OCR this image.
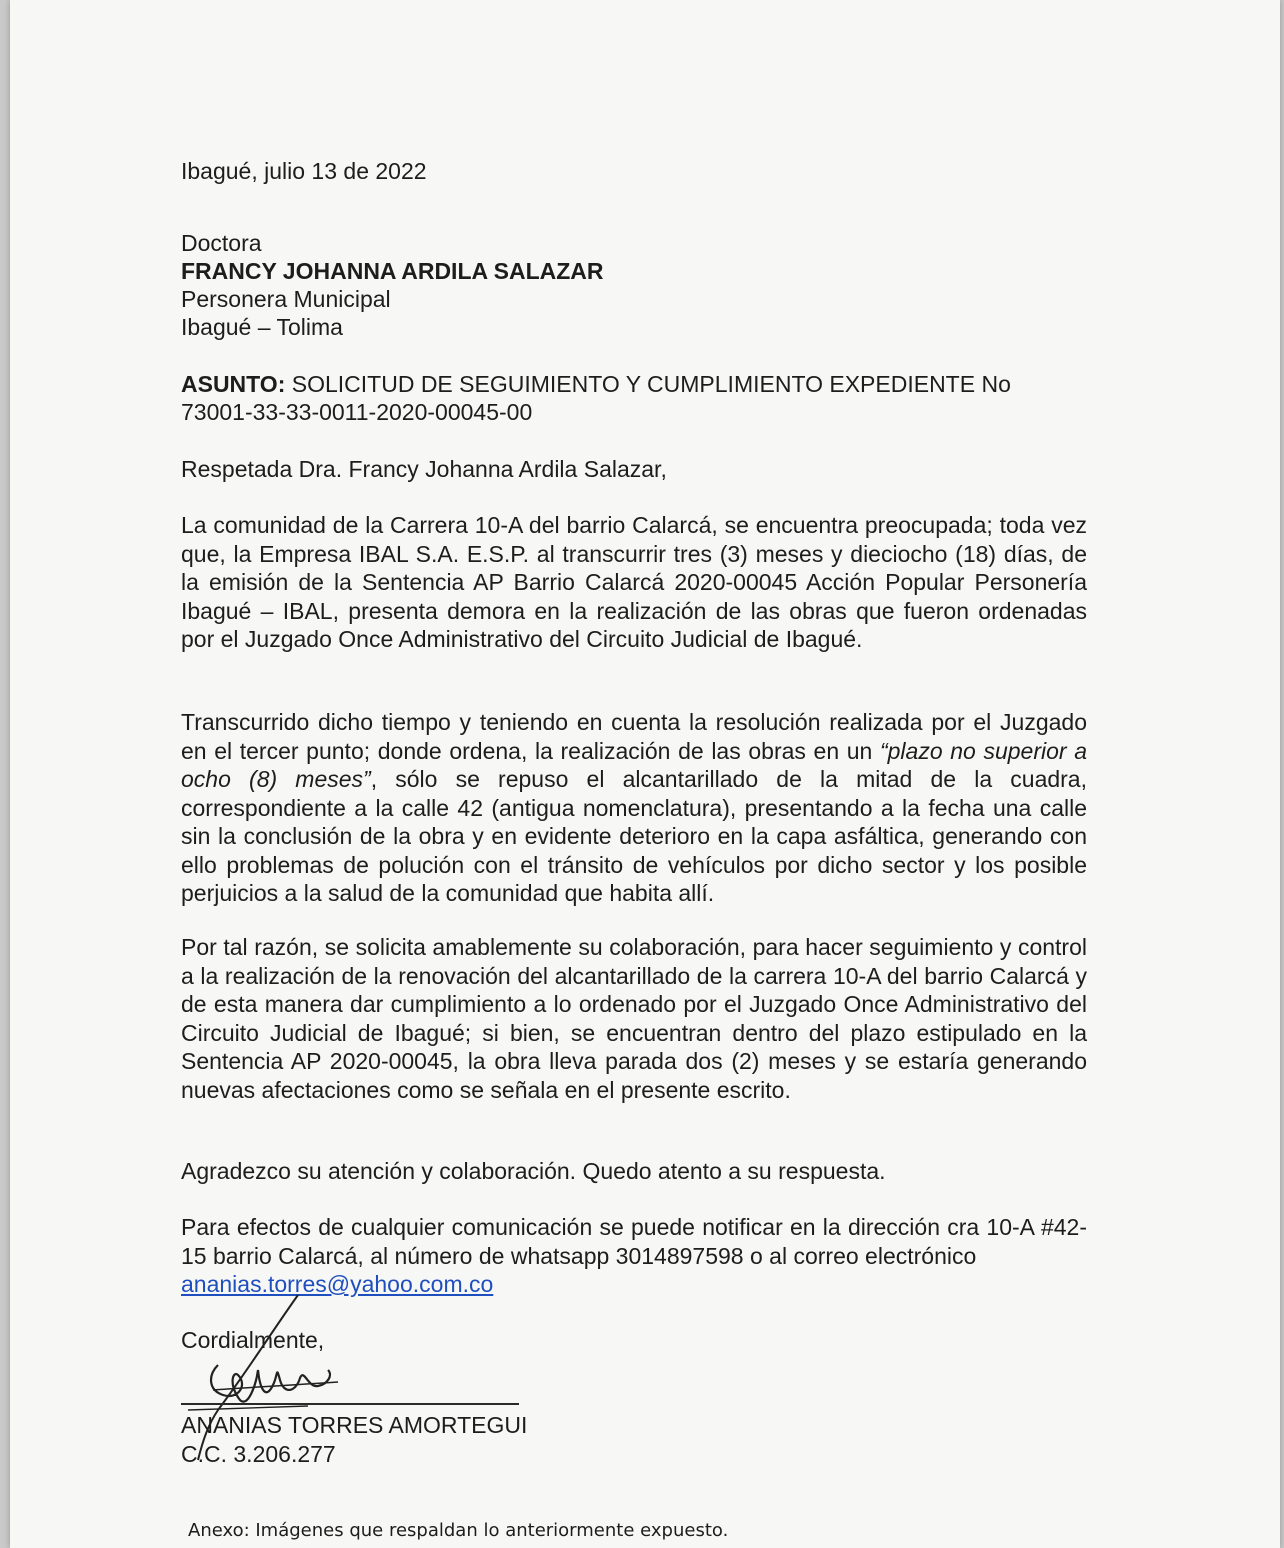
Ibagué, julio 13 de 2022
Doctora
FRANCY JOHANNA ARDILA SALAZAR
Personera Municipal
Ibagué – Tolima
ASUNTO: SOLICITUD DE SEGUIMIENTO Y CUMPLIMIENTO EXPEDIENTE No
73001-33-33-0011-2020-00045-00
Respetada Dra. Francy Johanna Ardila Salazar,
La comunidad de la Carrera 10-A del barrio Calarcá, se encuentra preocupada; toda vez que, la Empresa IBAL S.A. E.S.P. al transcurrir tres (3) meses y dieciocho (18) días, de la emisión de la Sentencia AP Barrio Calarcá 2020-00045 Acción Popular Personería Ibagué – IBAL, presenta demora en la realización de las obras que fueron ordenadas por el Juzgado Once Administrativo del Circuito Judicial de Ibagué.
Transcurrido dicho tiempo y teniendo en cuenta la resolución realizada por el Juzgado en el tercer punto; donde ordena, la realización de las obras en un “plazo no superior a ocho (8) meses”, sólo se repuso el alcantarillado de la mitad de la cuadra, correspondiente a la calle 42 (antigua nomenclatura), presentando a la fecha una calle sin la conclusión de la obra y en evidente deterioro en la capa asfáltica, generando con ello problemas de polución con el tránsito de vehículos por dicho sector y los posible perjuicios a la salud de la comunidad que habita allí.
Por tal razón, se solicita amablemente su colaboración, para hacer seguimiento y control a la realización de la renovación del alcantarillado de la carrera 10-A del barrio Calarcá y de esta manera dar cumplimiento a lo ordenado por el Juzgado Once Administrativo del Circuito Judicial de Ibagué; si bien, se encuentran dentro del plazo estipulado en la Sentencia AP 2020-00045, la obra lleva parada dos (2) meses y se estaría generando nuevas afectaciones como se señala en el presente escrito.
Agradezco su atención y colaboración. Quedo atento a su respuesta.
Para efectos de cualquier comunicación se puede notificar en la dirección cra 10-A #42-15 barrio Calarcá, al número de whatsapp 3014897598 o al correo electrónico
ananias.torres@yahoo.com.co
Cordialmente,
ANANIAS TORRES AMORTEGUI
C.C. 3.206.277
Anexo: Imágenes que respaldan lo anteriormente expuesto.
